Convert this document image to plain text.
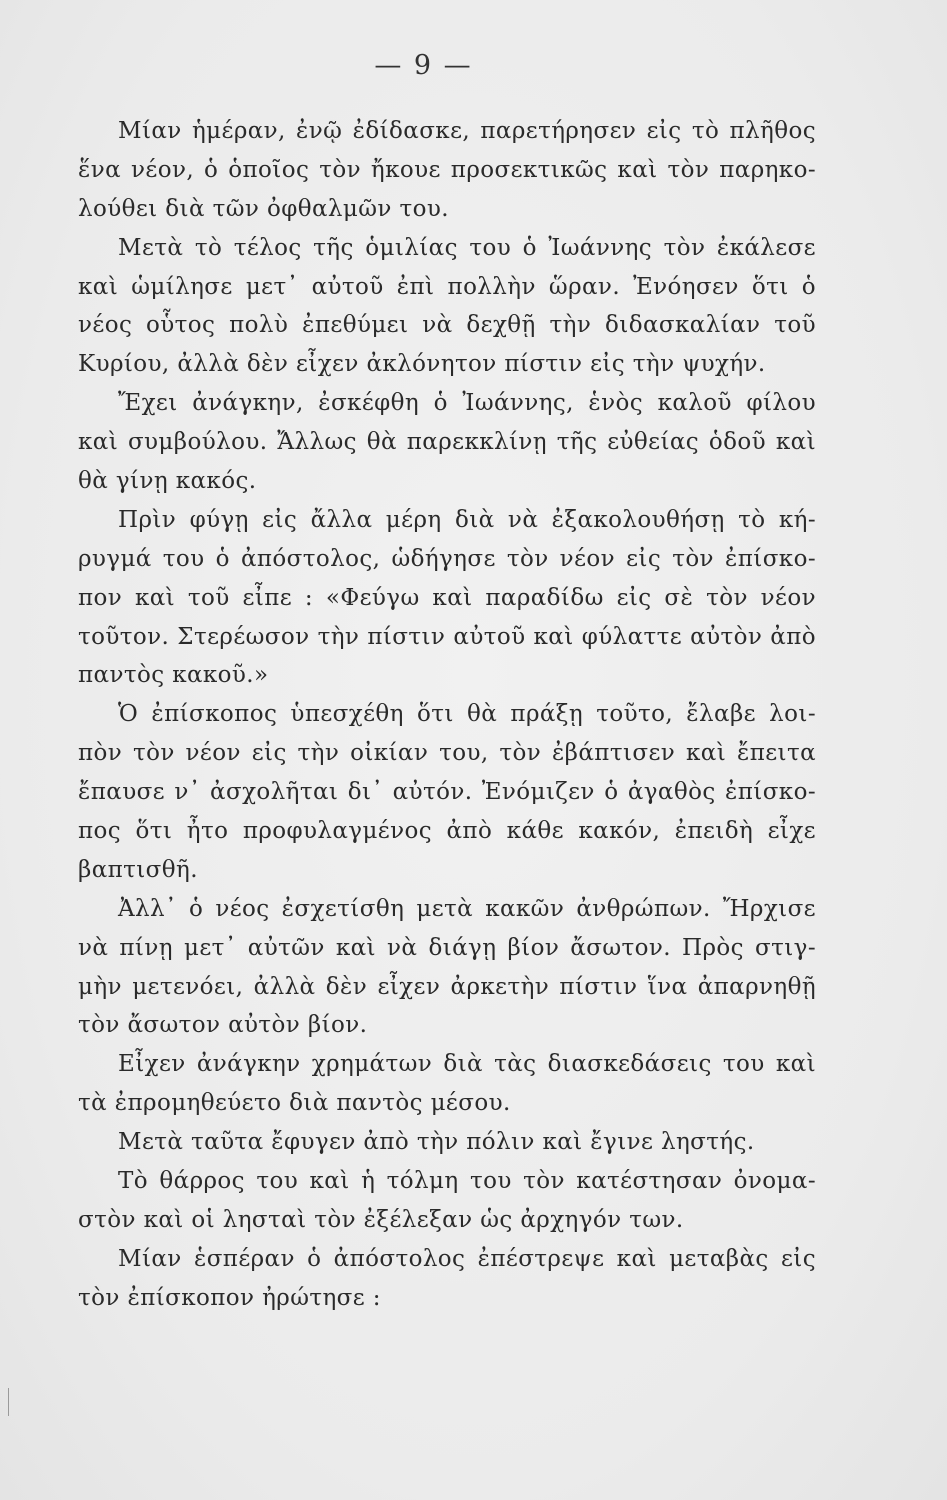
— 9 —
Μίαν ἡμέραν, ἐνῷ ἐδίδασκε, παρετήρησεν εἰς τὸ πλῆθος
ἕνα νέον, ὁ ὁποῖος τὸν ἤκουε προσεκτικῶς καὶ τὸν παρηκο-
λούθει διὰ τῶν ὀφθαλμῶν του.
Μετὰ τὸ τέλος τῆς ὁμιλίας του ὁ Ἰωάννης τὸν ἐκάλεσε
καὶ ὡμίλησε μετ᾿ αὐτοῦ ἐπὶ πολλὴν ὥραν. Ἐνόησεν ὅτι ὁ
νέος οὗτος πολὺ ἐπεθύμει νὰ δεχθῇ τὴν διδασκαλίαν τοῦ
Κυρίου, ἀλλὰ δὲν εἶχεν ἀκλόνητον πίστιν εἰς τὴν ψυχήν.
Ἔχει ἀνάγκην, ἐσκέφθη ὁ Ἰωάννης, ἑνὸς καλοῦ φίλου
καὶ συμβούλου. Ἄλλως θὰ παρεκκλίνῃ τῆς εὐθείας ὁδοῦ καὶ
θὰ γίνῃ κακός.
Πρὶν φύγῃ εἰς ἄλλα μέρη διὰ νὰ ἐξακολουθήσῃ τὸ κή-
ρυγμά του ὁ ἀπόστολος, ὡδήγησε τὸν νέον εἰς τὸν ἐπίσκο-
πον καὶ τοῦ εἶπε : «Φεύγω καὶ παραδίδω εἰς σὲ τὸν νέον
τοῦτον. Στερέωσον τὴν πίστιν αὐτοῦ καὶ φύλαττε αὐτὸν ἀπὸ
παντὸς κακοῦ.»
Ὁ ἐπίσκοπος ὑπεσχέθη ὅτι θὰ πράξῃ τοῦτο, ἔλαβε λοι-
πὸν τὸν νέον εἰς τὴν οἰκίαν του, τὸν ἐβάπτισεν καὶ ἔπειτα
ἔπαυσε ν᾿ ἀσχολῆται δι᾿ αὐτόν. Ἐνόμιζεν ὁ ἀγαθὸς ἐπίσκο-
πος ὅτι ἦτο προφυλαγμένος ἀπὸ κάθε κακόν, ἐπειδὴ εἶχε
βαπτισθῆ.
Ἀλλ᾿ ὁ νέος ἐσχετίσθη μετὰ κακῶν ἀνθρώπων. Ἤρχισε
νὰ πίνῃ μετ᾿ αὐτῶν καὶ νὰ διάγῃ βίον ἄσωτον. Πρὸς στιγ-
μὴν μετενόει, ἀλλὰ δὲν εἶχεν ἀρκετὴν πίστιν ἵνα ἀπαρνηθῇ
τὸν ἄσωτον αὐτὸν βίον.
Εἶχεν ἀνάγκην χρημάτων διὰ τὰς διασκεδάσεις του καὶ
τὰ ἐπρομηθεύετο διὰ παντὸς μέσου.
Μετὰ ταῦτα ἔφυγεν ἀπὸ τὴν πόλιν καὶ ἔγινε ληστής.
Τὸ θάρρος του καὶ ἡ τόλμη του τὸν κατέστησαν ὀνομα-
στὸν καὶ οἱ λησταὶ τὸν ἐξέλεξαν ὡς ἀρχηγόν των.
Μίαν ἑσπέραν ὁ ἀπόστολος ἐπέστρεψε καὶ μεταβὰς εἰς
τὸν ἐπίσκοπον ἠρώτησε :
